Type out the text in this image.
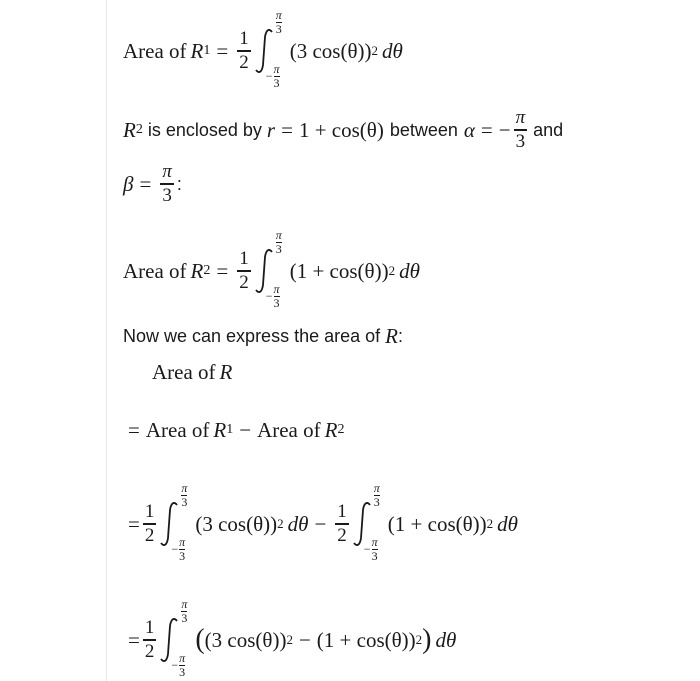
Area of
R $1 = \frac{1}{2}$
π
3
− π
3
(3 cos(θ)) 2
dθ
R 2 is enclosed by r = 1 + cos(θ) between α = − $\frac{\pi}{3}$ and
$\beta = \frac{\pi}{3}$ :
Area of
R $2 = \frac{1}{2}$
π
3
− π
3
(1 + cos(θ)) 2
dθ
Now we can express the area of R :
Area of
R
= Area of
R 1 − Area of
R 2
= $\frac{1}{2}$
π
3
− π
3
(3 cos(θ)) 2
$d\theta - \frac{1}{2}$
π
3
− π
3
(1 + cos(θ)) 2
dθ
= $\frac{1}{2}$
π
3
− π
3
( (3 cos(θ)) 2 − (1 + cos(θ)) 2 )
dθ
